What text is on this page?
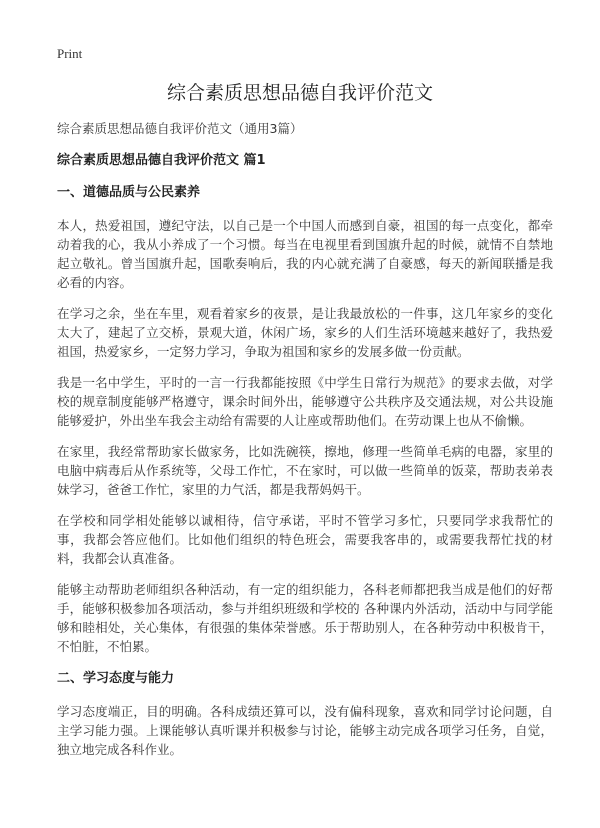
Print
综合素质思想品德自我评价范文
综合素质思想品德自我评价范文（通用3篇）
综合素质思想品德自我评价范文 篇1
一、道德品质与公民素养

本人，热爱祖国，遵纪守法，以自己是一个中国人而感到自豪，祖国的每一点变化，都牵动着我的心，我从小养成了一个习惯。每当在电视里看到国旗升起的时候，就情不自禁地起立敬礼。曾当国旗升起，国歌奏响后，我的内心就充满了自豪感，每天的新闻联播是我必看的内容。

在学习之余，坐在车里，观看着家乡的夜景，是让我最放松的一件事，这几年家乡的变化太大了，建起了立交桥，景观大道，休闲广场，家乡的人们生活环境越来越好了，我热爱祖国，热爱家乡，一定努力学习，争取为祖国和家乡的发展多做一份贡献。

我是一名中学生，平时的一言一行我都能按照《中学生日常行为规范》的要求去做，对学校的规章制度能够严格遵守，课余时间外出，能够遵守公共秩序及交通法规，对公共设施能够爱护，外出坐车我会主动给有需要的人让座或帮助他们。在劳动课上也从不偷懒。

在家里，我经常帮助家长做家务，比如洗碗筷，擦地，修理一些简单毛病的电器，家里的电脑中病毒后从作系统等，父母工作忙，不在家时，可以做一些简单的饭菜，帮助表弟表妹学习，爸爸工作忙，家里的力气活，都是我帮妈妈干。

在学校和同学相处能够以诚相待，信守承诺，平时不管学习多忙，只要同学求我帮忙的事，我都会答应他们。比如他们组织的特色班会，需要我客串的，或需要我帮忙找的材料，我都会认真准备。

能够主动帮助老师组织各种活动，有一定的组织能力，各科老师都把我当成是他们的好帮手，能够积极参加各项活动，参与并组织班级和学校的 各种课内外活动，活动中与同学能够和睦相处，关心集体，有很强的集体荣誉感。乐于帮助别人，在各种劳动中积极肯干，不怕脏，不怕累。

二、学习态度与能力

学习态度端正，目的明确。各科成绩还算可以，没有偏科现象，喜欢和同学讨论问题，自主学习能力强。上课能够认真听课并积极参与讨论，能够主动完成各项学习任务，自觉，独立地完成各科作业。
